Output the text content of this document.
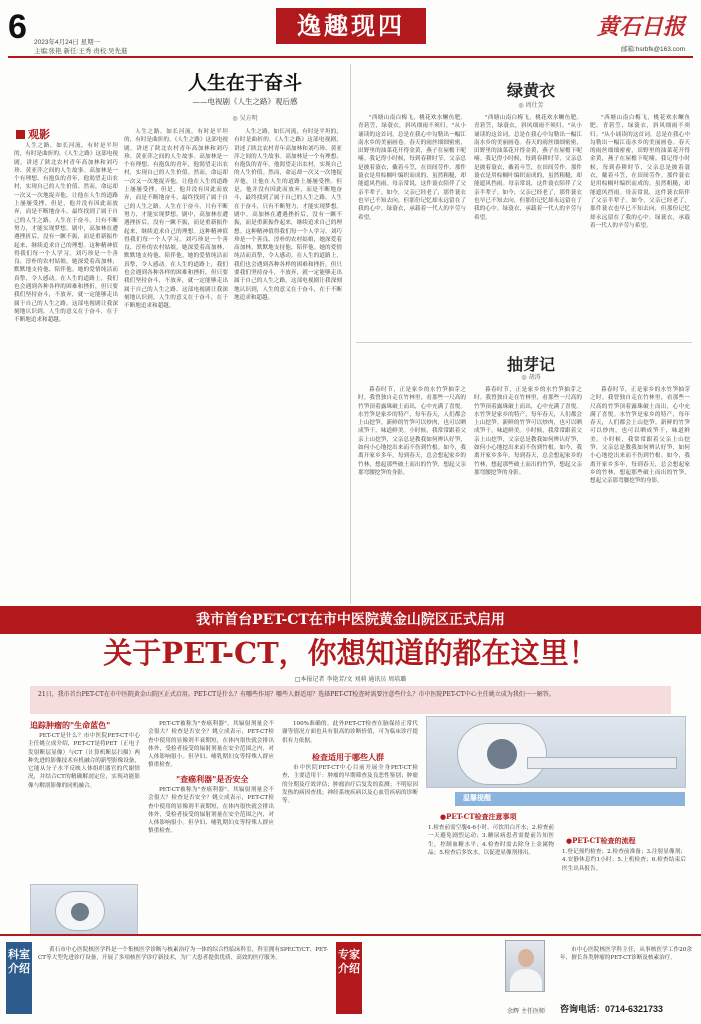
6 2023年4月24日 星期一
主编:张艳 新任:王秀 责校:吴先進
逸趣现四	黄石日报
邮箱:hsrbfk@163.com
人生在于奋斗
——电视剧《人生之路》观后感
◎ 吴方明
观影
人生之路，如长河流，有时是平坦的，有时是曲折的。《人生之路》这部电视剧，讲述了陕北农村青年高加林和刘巧珍、黄亚萍之间的人生故事。高加林是一个有理想、有抱负的青年，他渴望走出农村，实现自己的人生价值。然而，命运却一次又一次地捉弄他，让他在人生的道路上屡屡受挫。但是，他并没有因此而放弃，而是不断地奋斗，最终找到了属于自己的人生之路。人生在于奋斗，只有不断努力，才能实现梦想。剧中，高加林在遭遇挫折后，没有一蹶不振，而是重新振作起来，继续追求自己的理想。这种精神值得我们每一个人学习。刘巧珍是一个善良、淳朴的农村姑娘，她深爱着高加林，默默地支持他、陪伴他。她的爱情纯洁而真挚，令人感动。在人生的道路上，我们也会遇到各种各样的困难和挫折，但只要我们坚持奋斗，不放弃，就一定能够走出属于自己的人生之路。这部电视剧让我深刻地认识到，人生的意义在于奋斗，在于不断地追求和超越。
人生之路，如长河流，有时是平坦的，有时是曲折的。《人生之路》这部电视剧，讲述了陕北农村青年高加林和刘巧珍、黄亚萍之间的人生故事。高加林是一个有理想、有抱负的青年，他渴望走出农村，实现自己的人生价值。然而，命运却一次又一次地捉弄他，让他在人生的道路上屡屡受挫。但是，他并没有因此而放弃，而是不断地奋斗，最终找到了属于自己的人生之路。人生在于奋斗，只有不断努力，才能实现梦想。剧中，高加林在遭遇挫折后，没有一蹶不振，而是重新振作起来，继续追求自己的理想。这种精神值得我们每一个人学习。刘巧珍是一个善良、淳朴的农村姑娘，她深爱着高加林，默默地支持他、陪伴他。她的爱情纯洁而真挚，令人感动。在人生的道路上，我们也会遇到各种各样的困难和挫折，但只要我们坚持奋斗，不放弃，就一定能够走出属于自己的人生之路。这部电视剧让我深刻地认识到，人生的意义在于奋斗，在于不断地追求和超越。
人生之路，如长河流，有时是平坦的，有时是曲折的。《人生之路》这部电视剧，讲述了陕北农村青年高加林和刘巧珍、黄亚萍之间的人生故事。高加林是一个有理想、有抱负的青年，他渴望走出农村，实现自己的人生价值。然而，命运却一次又一次地捉弄他，让他在人生的道路上屡屡受挫。但是，他并没有因此而放弃，而是不断地奋斗，最终找到了属于自己的人生之路。人生在于奋斗，只有不断努力，才能实现梦想。剧中，高加林在遭遇挫折后，没有一蹶不振，而是重新振作起来，继续追求自己的理想。这种精神值得我们每一个人学习。刘巧珍是一个善良、淳朴的农村姑娘，她深爱着高加林，默默地支持他、陪伴他。她的爱情纯洁而真挚，令人感动。在人生的道路上，我们也会遇到各种各样的困难和挫折，但只要我们坚持奋斗，不放弃，就一定能够走出属于自己的人生之路。这部电视剧让我深刻地认识到，人生的意义在于奋斗，在于不断地追求和超越。
绿黄衣
◎ 周仕芳
"西塘山南白梅飞，桃花欢水鳜鱼肥。青箬笠，绿蓑衣，斜风细雨不须归。"从小诵读的这首词，总是在我心中勾勒出一幅江南水乡的美丽画卷。春天的雨丝细细密密，田野里的油菜花开得金黄，燕子在屋檐下呢喃。我记得小时候，每到春耕时节，父亲总是披着蓑衣，戴着斗笠，在田间劳作。那件蓑衣是用棕榈叶编织而成的，虽然粗糙，却能遮风挡雨。母亲常说，这件蓑衣陪伴了父亲半辈子。如今，父亲已经老了，那件蓑衣也早已不知去向，但那份记忆却永远留在了我的心中。绿蓑衣，承载着一代人的辛劳与希望。
"西塘山南白梅飞，桃花欢水鳜鱼肥。青箬笠，绿蓑衣，斜风细雨不须归。"从小诵读的这首词，总是在我心中勾勒出一幅江南水乡的美丽画卷。春天的雨丝细细密密，田野里的油菜花开得金黄，燕子在屋檐下呢喃。我记得小时候，每到春耕时节，父亲总是披着蓑衣，戴着斗笠，在田间劳作。那件蓑衣是用棕榈叶编织而成的，虽然粗糙，却能遮风挡雨。母亲常说，这件蓑衣陪伴了父亲半辈子。如今，父亲已经老了，那件蓑衣也早已不知去向，但那份记忆却永远留在了我的心中。绿蓑衣，承载着一代人的辛劳与希望。
"西塘山南白梅飞，桃花欢水鳜鱼肥。青箬笠，绿蓑衣，斜风细雨不须归。"从小诵读的这首词，总是在我心中勾勒出一幅江南水乡的美丽画卷。春天的雨丝细细密密，田野里的油菜花开得金黄，燕子在屋檐下呢喃。我记得小时候，每到春耕时节，父亲总是披着蓑衣，戴着斗笠，在田间劳作。那件蓑衣是用棕榈叶编织而成的，虽然粗糙，却能遮风挡雨。母亲常说，这件蓑衣陪伴了父亲半辈子。如今，父亲已经老了，那件蓑衣也早已不知去向，但那份记忆却永远留在了我的心中。绿蓑衣，承载着一代人的辛劳与希望。
抽芽记
◎ 胡涛
暮春时节，正是家乡的水竹笋抽芽之时。我曾独自走在竹林里，看那些一尺高的竹笋顶着露珠破土而出，心中充满了喜悦。水竹笋是家乡的特产，每年春天，人们都会上山挖笋。新鲜的竹笋可以炒肉，也可以晒成笋干，味道鲜美。小时候，我常常跟着父亲上山挖笋，父亲总是教我如何辨认好笋，如何小心地挖出来而不伤到竹根。如今，我离开家乡多年，每到春天，总会想起家乡的竹林，想起那些破土而出的竹笋，想起父亲那弯腰挖笋的身影。
暮春时节，正是家乡的水竹笋抽芽之时。我曾独自走在竹林里，看那些一尺高的竹笋顶着露珠破土而出，心中充满了喜悦。水竹笋是家乡的特产，每年春天，人们都会上山挖笋。新鲜的竹笋可以炒肉，也可以晒成笋干，味道鲜美。小时候，我常常跟着父亲上山挖笋，父亲总是教我如何辨认好笋，如何小心地挖出来而不伤到竹根。如今，我离开家乡多年，每到春天，总会想起家乡的竹林，想起那些破土而出的竹笋，想起父亲那弯腰挖笋的身影。
暮春时节，正是家乡的水竹笋抽芽之时。我曾独自走在竹林里，看那些一尺高的竹笋顶着露珠破土而出，心中充满了喜悦。水竹笋是家乡的特产，每年春天，人们都会上山挖笋。新鲜的竹笋可以炒肉，也可以晒成笋干，味道鲜美。小时候，我常常跟着父亲上山挖笋，父亲总是教我如何辨认好笋，如何小心地挖出来而不伤到竹根。如今，我离开家乡多年，每到春天，总会想起家乡的竹林，想起那些破土而出的竹笋，想起父亲那弯腰挖笋的身影。
我市首台PET-CT在市中医院黄金山院区正式启用
关于PET-CT，你想知道的都在这里！
□本报记者 李艳芳/文 刘莉 通讯员 周培璐
21日，我市首台PET-CT在市中医院黄金山院区正式启用。PET-CT是什么？有哪些作用？哪些人群适用？选择PET-CT检查时需要注意些什么？市中医院PET-CT中心主任姚立成为我们一一解答。
追踪肿瘤的"生命蓝色"
PET-CT是什么？市中医院PET-CT中心主任姚立成介绍，PET-CT是将PET（正电子发射断层显像）与CT（计算机断层扫描）两种先进的影像技术有机融合的新型影像设备，它能从分子水平反映人体组织器官的代谢情况，并结合CT的精确解剖定位，实现功能影像与解剖影像的同机融合。
"查癌利器"是否安全
PET-CT被称为"查癌利器"，其辐射剂量会不会很大？检查是否安全？姚立成表示，PET-CT检查中使用的显像剂半衰期短，在体内很快就会排出体外，受检者接受的辐射剂量在安全范围之内，对人体影响很小。但孕妇、哺乳期妇女等特殊人群应慎重检查。
PET-CT被称为"查癌利器"，其辐射剂量会不会很大？检查是否安全？姚立成表示，PET-CT检查中使用的显像剂半衰期短，在体内很快就会排出体外，受检者接受的辐射剂量在安全范围之内，对人体影响很小。但孕妇、哺乳期妇女等特殊人群应慎重检查。
100%准确的。此外PET-CT检查在脑保持正常代谢等情况方面也具有很高的诊断价值，可为临床诊疗提供有力依据。
检查适用于哪些人群
市中医院PET-CT中心目前开展全身PET-CT检查，主要适用于：肿瘤的早期筛查及良恶性鉴别；肿瘤的分期及疗效评估；肿瘤治疗后复发的监测；不明原因发热的病因查找；神经系统疾病以及心血管疾病的诊断等。	温馨提醒
●PET-CT检查注意事项
1.检查前需空腹4-6小时，可饮用白开水；2.检查前一天避免剧烈运动；3.糖尿病患者需提前告知医生，控制血糖水平；4.检查时需去除身上金属物品；5.检查后多饮水，以促进显像剂排出。
●PET-CT检查的流程
1.登记预约检查；2.检查前准备；3.注射显像剂；4.安静休息约1小时；5.上机检查；6.检查结束后医生出具报告。
科室介绍
黄石市中心医院核医学科是一个集核医学诊断与核素治疗为一体的综合性临床科室，科室拥有SPECT/CT、PET-CT等大型先进诊疗设备，开展了多项核医学诊疗新技术，为广大患者提供优质、高效的医疗服务。	专家介绍
余辉 主任医师
市中心医院核医学科主任，从事核医学工作20余年，擅长各类肿瘤的PET-CT诊断及核素治疗。
咨询电话：0714-6321733
